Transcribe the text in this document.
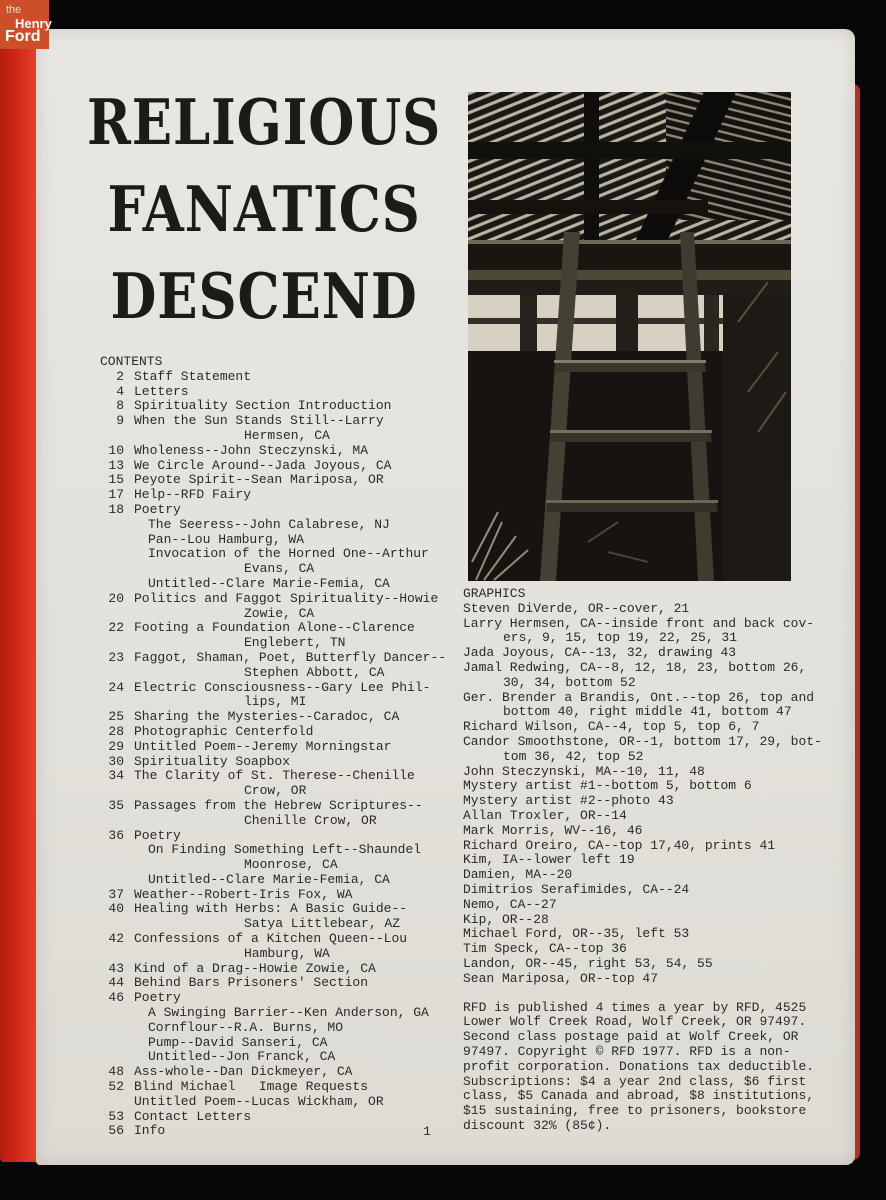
RELIGIOUS
FANATICS
DESCEND
CONTENTS
2 Staff Statement
4 Letters
8 Spirituality Section Introduction
9 When the Sun Stands Still--Larry
Hermsen, CA
10 Wholeness--John Steczynski, MA
13 We Circle Around--Jada Joyous, CA
15 Peyote Spirit--Sean Mariposa, OR
17 Help--RFD Fairy
18 Poetry
The Seeress--John Calabrese, NJ
Pan--Lou Hamburg, WA
Invocation of the Horned One--Arthur
Evans, CA
Untitled--Clare Marie-Femia, CA
20 Politics and Faggot Spirituality--Howie
Zowie, CA
22 Footing a Foundation Alone--Clarence
Englebert, TN
23 Faggot, Shaman, Poet, Butterfly Dancer--
Stephen Abbott, CA
24 Electric Consciousness--Gary Lee Phil-
lips, MI
25 Sharing the Mysteries--Caradoc, CA
28 Photographic Centerfold
29 Untitled Poem--Jeremy Morningstar
30 Spirituality Soapbox
34 The Clarity of St. Therese--Chenille
Crow, OR
35 Passages from the Hebrew Scriptures--
Chenille Crow, OR
36 Poetry
On Finding Something Left--Shaundel
Moonrose, CA
Untitled--Clare Marie-Femia, CA
37 Weather--Robert-Iris Fox, WA
40 Healing with Herbs: A Basic Guide--
Satya Littlebear, AZ
42 Confessions of a Kitchen Queen--Lou
Hamburg, WA
43 Kind of a Drag--Howie Zowie, CA
44 Behind Bars Prisoners' Section
46 Poetry
A Swinging Barrier--Ken Anderson, GA
Cornflour--R.A. Burns, MO
Pump--David Sanseri, CA
Untitled--Jon Franck, CA
48 Ass-whole--Dan Dickmeyer, CA
52 Blind Michael   Image Requests
Untitled Poem--Lucas Wickham, OR
53 Contact Letters
56 Info
GRAPHICS
Steven DiVerde, OR--cover, 21
Larry Hermsen, CA--inside front and back cov-
ers, 9, 15, top 19, 22, 25, 31
Jada Joyous, CA--13, 32, drawing 43
Jamal Redwing, CA--8, 12, 18, 23, bottom 26,
30, 34, bottom 52
Ger. Brender a Brandis, Ont.--top 26, top and
bottom 40, right middle 41, bottom 47
Richard Wilson, CA--4, top 5, top 6, 7
Candor Smoothstone, OR--1, bottom 17, 29, bot-
tom 36, 42, top 52
John Steczynski, MA--10, 11, 48
Mystery artist #1--bottom 5, bottom 6
Mystery artist #2--photo 43
Allan Troxler, OR--14
Mark Morris, WV--16, 46
Richard Oreiro, CA--top 17,40, prints 41
Kim, IA--lower left 19
Damien, MA--20
Dimitrios Serafimides, CA--24
Nemo, CA--27
Kip, OR--28
Michael Ford, OR--35, left 53
Tim Speck, CA--top 36
Landon, OR--45, right 53, 54, 55
Sean Mariposa, OR--top 47
RFD is published 4 times a year by RFD, 4525
Lower Wolf Creek Road, Wolf Creek, OR 97497.
Second class postage paid at Wolf Creek, OR
97497. Copyright © RFD 1977. RFD is a non-
profit corporation. Donations tax deductible.
Subscriptions: $4 a year 2nd class, $6 first
class, $5 Canada and abroad, $8 institutions,
$15 sustaining, free to prisoners, bookstore
discount 32% (85¢).
1
the
Henry
Ford
